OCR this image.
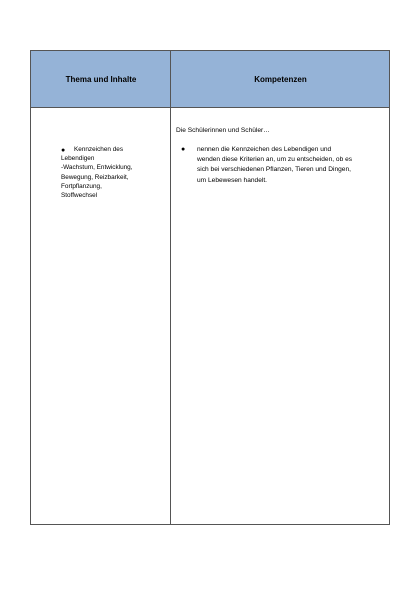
Thema und Inhalte	Kompetenzen
●	Kennzeichen des
Lebendigen
-Wachstum, Entwicklung,
Bewegung, Reizbarkeit,
Fortpflanzung,
Stoffwechsel
Die Schülerinnen und Schüler…
● nennen die Kennzeichen des Lebendigen und
wenden diese Kriterien an, um zu entscheiden, ob es
sich bei verschiedenen Pflanzen, Tieren und Dingen,
um Lebewesen handelt.
